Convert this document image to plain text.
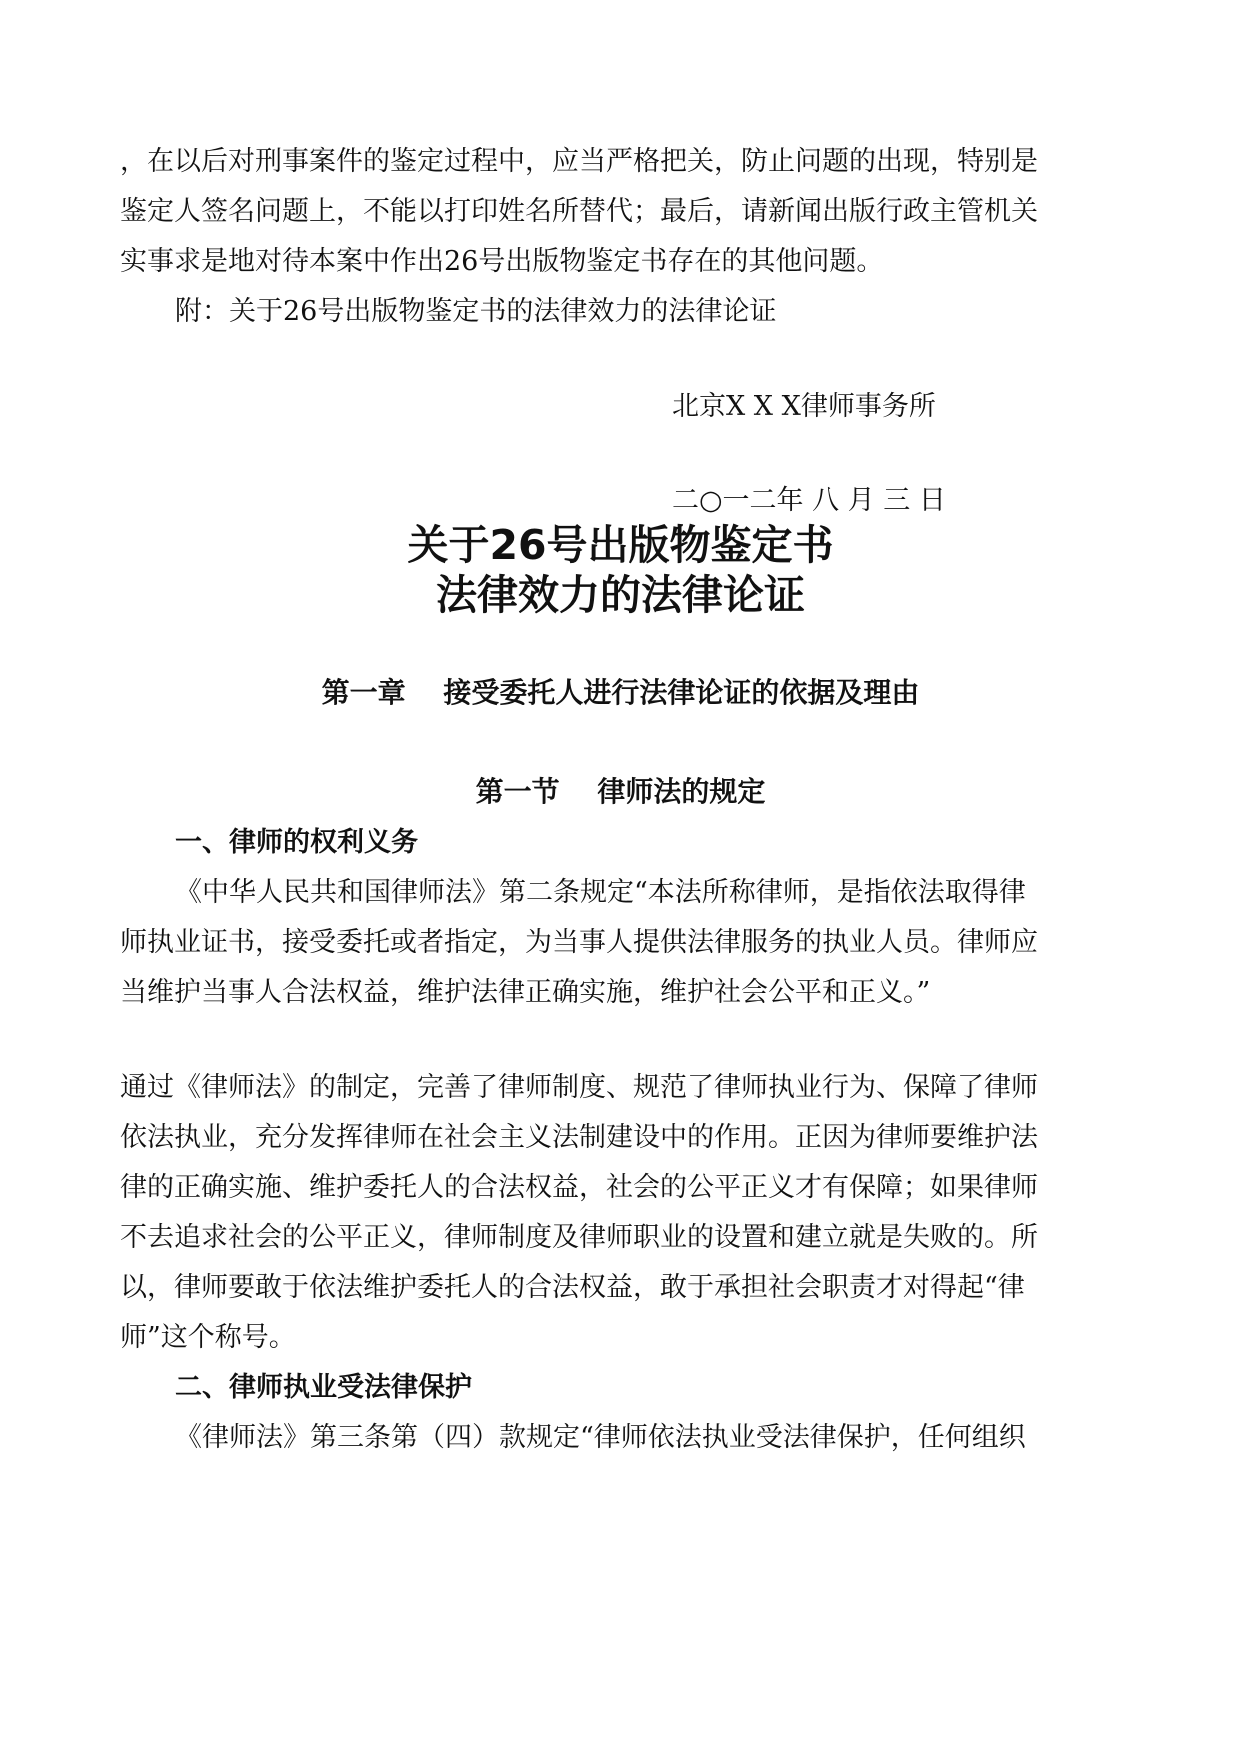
，在以后对刑事案件的鉴定过程中，应当严格把关，防止问题的出现，特别是
鉴定人签名问题上，不能以打印姓名所替代；最后，请新闻出版行政主管机关
实事求是地对待本案中作出26号出版物鉴定书存在的其他问题。
附：关于26号出版物鉴定书的法律效力的法律论证
北京X X X律师事务所
二○一二年 八 月 三 日
关于26号出版物鉴定书
法律效力的法律论证
第一章　 接受委托人进行法律论证的依据及理由
第一节　 律师法的规定
一、律师的权利义务
《中华人民共和国律师法》第二条规定“本法所称律师，是指依法取得律
师执业证书，接受委托或者指定，为当事人提供法律服务的执业人员。律师应
当维护当事人合法权益，维护法律正确实施，维护社会公平和正义。”
通过《律师法》的制定，完善了律师制度、规范了律师执业行为、保障了律师
依法执业，充分发挥律师在社会主义法制建设中的作用。正因为律师要维护法
律的正确实施、维护委托人的合法权益，社会的公平正义才有保障；如果律师
不去追求社会的公平正义，律师制度及律师职业的设置和建立就是失败的。所
以，律师要敢于依法维护委托人的合法权益，敢于承担社会职责才对得起“律
师”这个称号。
二、律师执业受法律保护
《律师法》第三条第（四）款规定“律师依法执业受法律保护，任何组织
